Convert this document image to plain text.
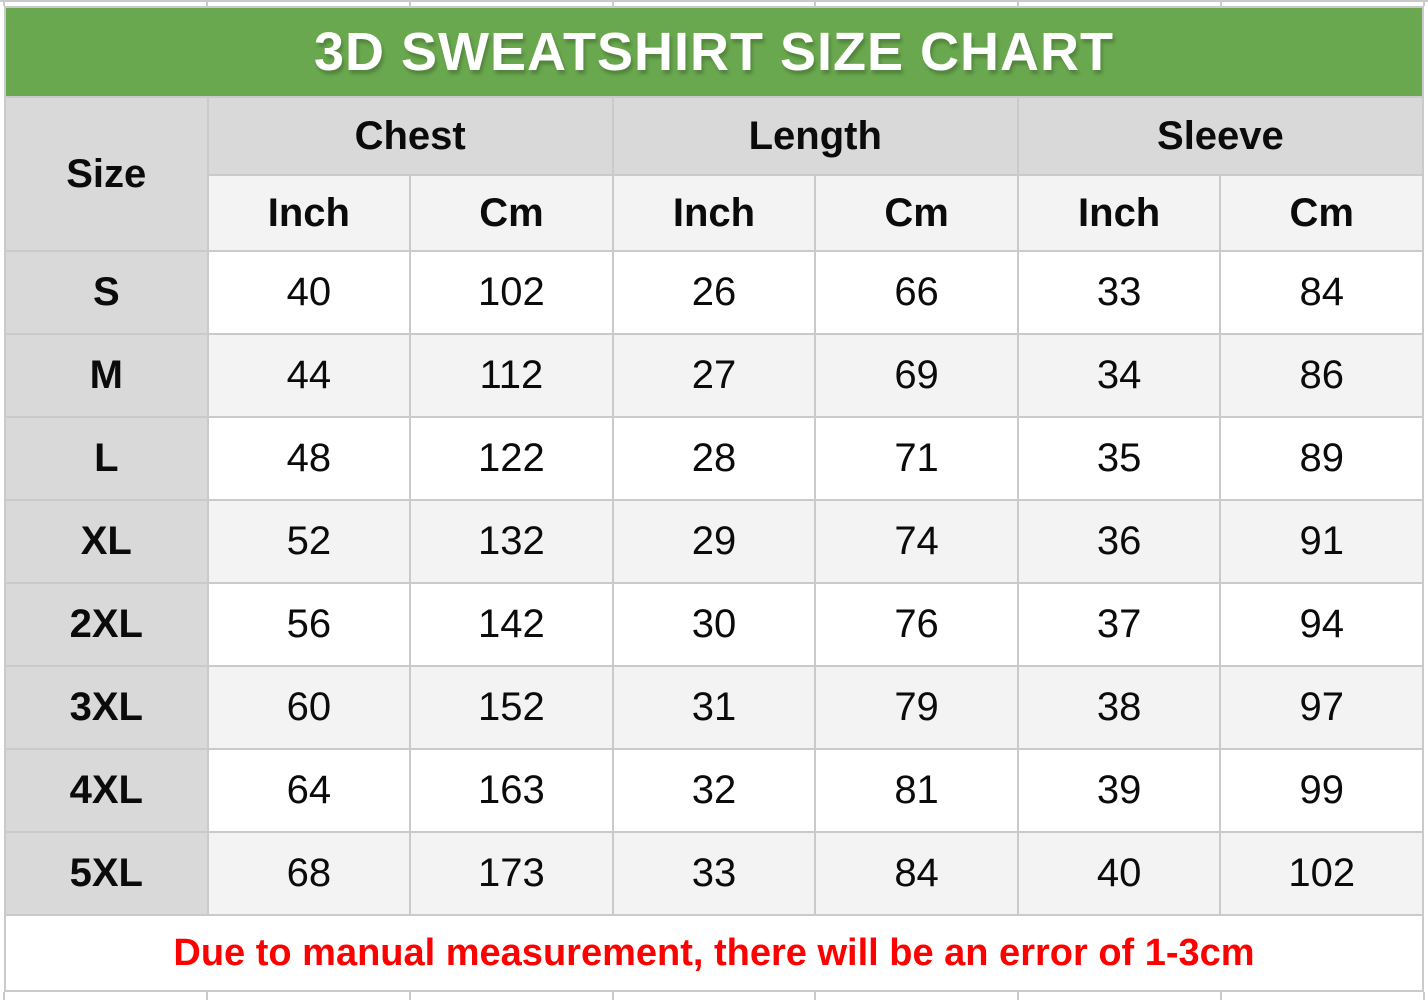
3D SWEATSHIRT SIZE CHART
Size
Chest	Length	Sleeve
Inch	Cm	Inch	Cm	Inch	Cm
S	40	102	26	66	33	84
M	44	112	27	69	34	86
L	48	122	28	71	35	89
XL	52	132	29	74	36	91
2XL	56	142	30	76	37	94
3XL	60	152	31	79	38	97
4XL	64	163	32	81	39	99
5XL	68	173	33	84	40	102
Due to manual measurement, there will be an error of 1-3cm
